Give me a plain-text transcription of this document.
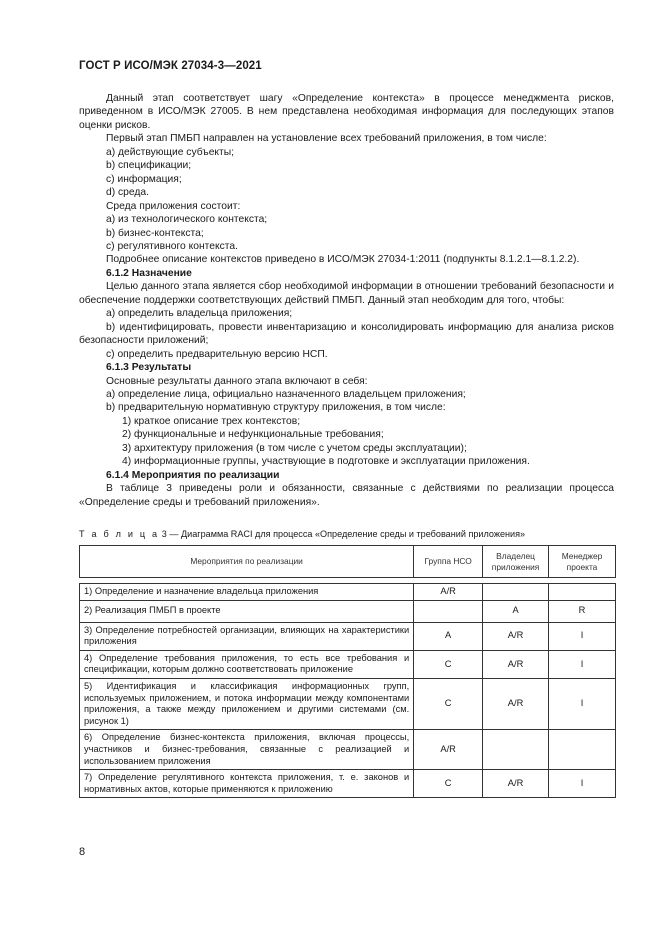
ГОСТ Р ИСО/МЭК 27034-3—2021

Данный этап соответствует шагу «Определение контекста» в процессе менеджмента рисков, приведенном в ИСО/МЭК 27005. В нем представлена необходимая информация для последующих этапов оценки рисков.

Первый этап ПМБП направлен на установление всех требований приложения, в том числе:

a) действующие субъекты;

b) спецификации;

c) информация;

d) среда.

Среда приложения состоит:

a) из технологического контекста;

b) бизнес-контекста;

c) регулятивного контекста.

Подробнее описание контекстов приведено в ИСО/МЭК 27034-1:2011 (подпункты 8.1.2.1—8.1.2.2).

6.1.2 Назначение

Целью данного этапа является сбор необходимой информации в отношении требований безопасности и обеспечение поддержки соответствующих действий ПМБП. Данный этап необходим для того, чтобы:

a) определить владельца приложения;

b) идентифицировать, провести инвентаризацию и консолидировать информацию для анализа рисков безопасности приложений;

c) определить предварительную версию НСП.

6.1.3 Результаты

Основные результаты данного этапа включают в себя:

a) определение лица, официально назначенного владельцем приложения;

b) предварительную нормативную структуру приложения, в том числе:

1) краткое описание трех контекстов;

2) функциональные и нефункциональные требования;

3) архитектуру приложения (в том числе с учетом среды эксплуатации);

4) информационные группы, участвующие в подготовке и эксплуатации приложения.

6.1.4 Мероприятия по реализации

В таблице 3 приведены роли и обязанности, связанные с действиями по реализации процесса «Определение среды и требований приложения».

Т а б л и ц а 3 — Диаграмма RACI для процесса «Определение среды и требований приложения»
Мероприятия по реализации	Группа НСО	Владелец приложения	Менеджер проекта

1) Определение и назначение владельца приложения	A/R		
2) Реализация ПМБП в проекте		A	R
3) Определение потребностей организации, влияющих на характеристики приложения	A	A/R	I
4) Определение требования приложения, то есть все требования и спецификации, которым должно соответствовать приложение	C	A/R	I
5) Идентификация и классификация информационных групп, используемых приложением, и потока информации между компонентами приложения, а также между приложением и другими системами (см. рисунок 1)	C	A/R	I
6) Определение бизнес-контекста приложения, включая процессы, участников и бизнес-требования, связанные с реализацией и использованием приложения	A/R		
7) Определение регулятивного контекста приложения, т. е. законов и нормативных актов, которые применяются к приложению	C	A/R	I
8
